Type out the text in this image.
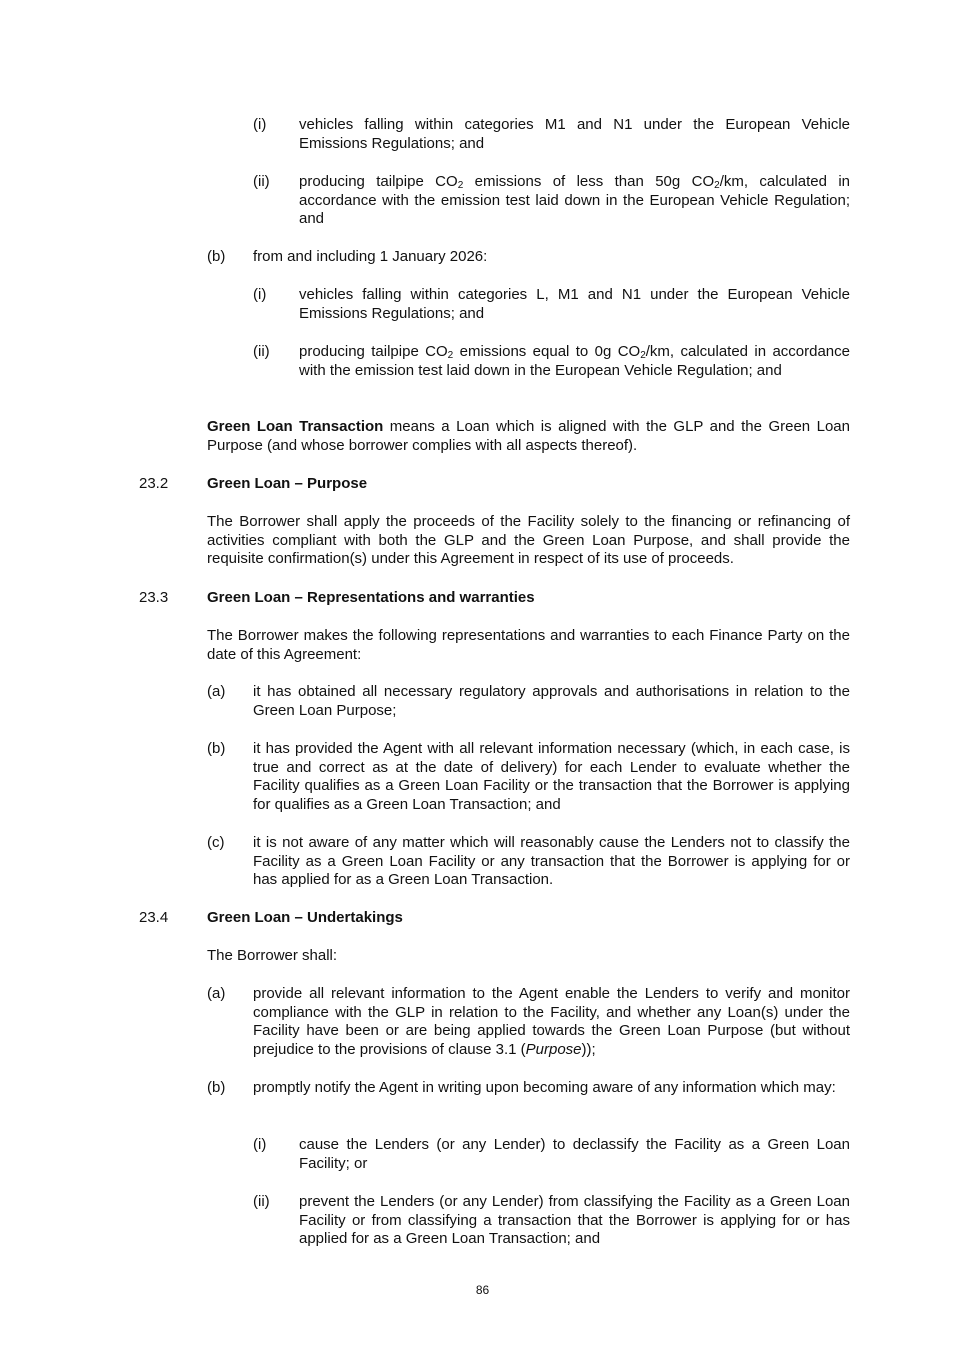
(i) vehicles falling within categories M1 and N1 under the European Vehicle Emissions Regulations; and
(ii) producing tailpipe $CO_2$ emissions of less than 50g $CO_2/km$, calculated in accordance with the emission test laid down in the European Vehicle Regulation; and
(b) from and including 1 January 2026:
(i) vehicles falling within categories L, M1 and N1 under the European Vehicle Emissions Regulations; and
(ii) producing tailpipe $CO_2$ emissions equal to 0g $CO_2/km$, calculated in accordance with the emission test laid down in the European Vehicle Regulation; and
Green Loan Transaction means a Loan which is aligned with the GLP and the Green Loan Purpose (and whose borrower complies with all aspects thereof).
23.2	Green Loan – Purpose
The Borrower shall apply the proceeds of the Facility solely to the financing or refinancing of activities compliant with both the GLP and the Green Loan Purpose, and shall provide the requisite confirmation(s) under this Agreement in respect of its use of proceeds.
23.3	Green Loan – Representations and warranties
The Borrower makes the following representations and warranties to each Finance Party on the date of this Agreement:
(a) it has obtained all necessary regulatory approvals and authorisations in relation to the Green Loan Purpose;
(b) it has provided the Agent with all relevant information necessary (which, in each case, is true and correct as at the date of delivery) for each Lender to evaluate whether the Facility qualifies as a Green Loan Facility or the transaction that the Borrower is applying for qualifies as a Green Loan Transaction; and
(c) it is not aware of any matter which will reasonably cause the Lenders not to classify the Facility as a Green Loan Facility or any transaction that the Borrower is applying for or has applied for as a Green Loan Transaction.
23.4	Green Loan – Undertakings
The Borrower shall:
(a) provide all relevant information to the Agent enable the Lenders to verify and monitor compliance with the GLP in relation to the Facility, and whether any Loan(s) under the Facility have been or are being applied towards the Green Loan Purpose (but without prejudice to the provisions of clause 3.1 (Purpose));
(b) promptly notify the Agent in writing upon becoming aware of any information which may:
(i) cause the Lenders (or any Lender) to declassify the Facility as a Green Loan Facility; or
(ii) prevent the Lenders (or any Lender) from classifying the Facility as a Green Loan Facility or from classifying a transaction that the Borrower is applying for or has applied for as a Green Loan Transaction; and
86
